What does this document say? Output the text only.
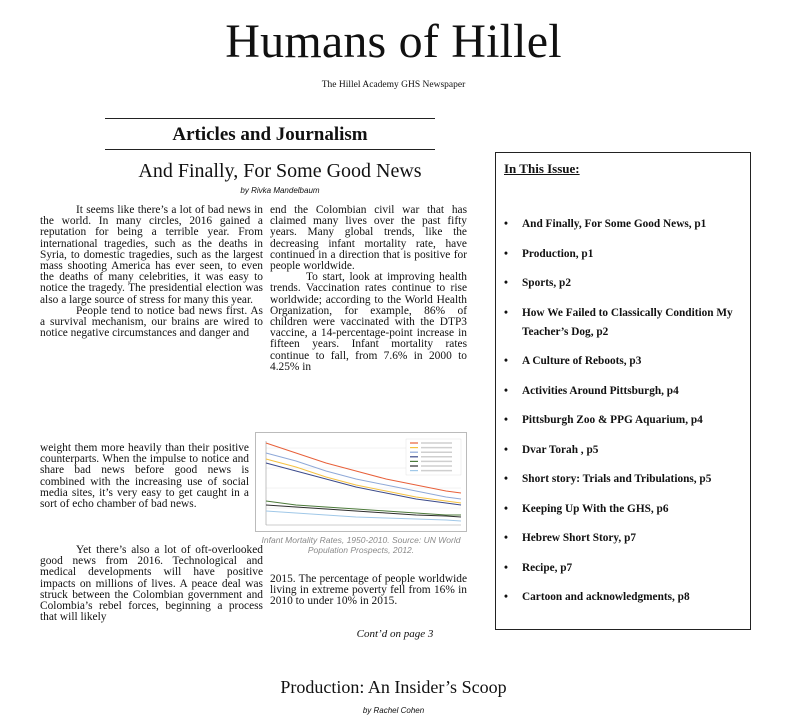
Humans of Hillel
The Hillel Academy GHS Newspaper
Articles and Journalism
And Finally, For Some Good News
by Rivka Mandelbaum

It seems like there’s a lot of bad news in the world. In many circles, 2016 gained a reputation for being a terrible year. From international tragedies, such as the deaths in Syria, to domestic tragedies, such as the largest mass shooting America has ever seen, to even the deaths of many celebrities, it was easy to notice the tragedy. The presidential election was also a large source of stress for many this year.

People tend to notice bad news first. As a survival mechanism, our brains are wired to notice negative circumstances and danger and

weight them more heavily than their positive counterparts. When the impulse to notice and share bad news before good news is combined with the increasing use of social media sites, it’s very easy to get caught in a sort of echo chamber of bad news.

Yet there’s also a lot of oft-overlooked good news from 2016. Technological and medical developments will have positive impacts on millions of lives. A peace deal was struck between the Colombian government and Colombia’s rebel forces, beginning a process that will likely

end the Colombian civil war that has claimed many lives over the past fifty years. Many global trends, like the decreasing infant mortality rate, have continued in a direction that is positive for people worldwide.

To start, look at improving health trends. Vaccination rates continue to rise worldwide; according to the World Health Organization, for example, 86% of children were vaccinated with the DTP3 vaccine, a 14-percentage-point increase in fifteen years. Infant mortality rates continue to fall, from 7.6% in 2000 to 4.25% in

Infant Mortality Rates, 1950-2010. Source: UN World Population Prospects, 2012.

2015. The percentage of people worldwide living in extreme poverty fell from 16% in 2010 to under 10% in 2015.

Cont’d on page 3
In This Issue:
• And Finally, For Some Good News, p1
• Production, p1
• Sports, p2
• How We Failed to Classically Condition My Teacher’s Dog, p2
• A Culture of Reboots, p3
• Activities Around Pittsburgh, p4
• Pittsburgh Zoo & PPG Aquarium, p4
• Dvar Torah , p5
• Short story: Trials and Tribulations, p5
• Keeping Up With the GHS, p6
• Hebrew Short Story, p7
• Recipe, p7
• Cartoon and acknowledgments, p8
Production: An Insider’s Scoop
by Rachel Cohen
